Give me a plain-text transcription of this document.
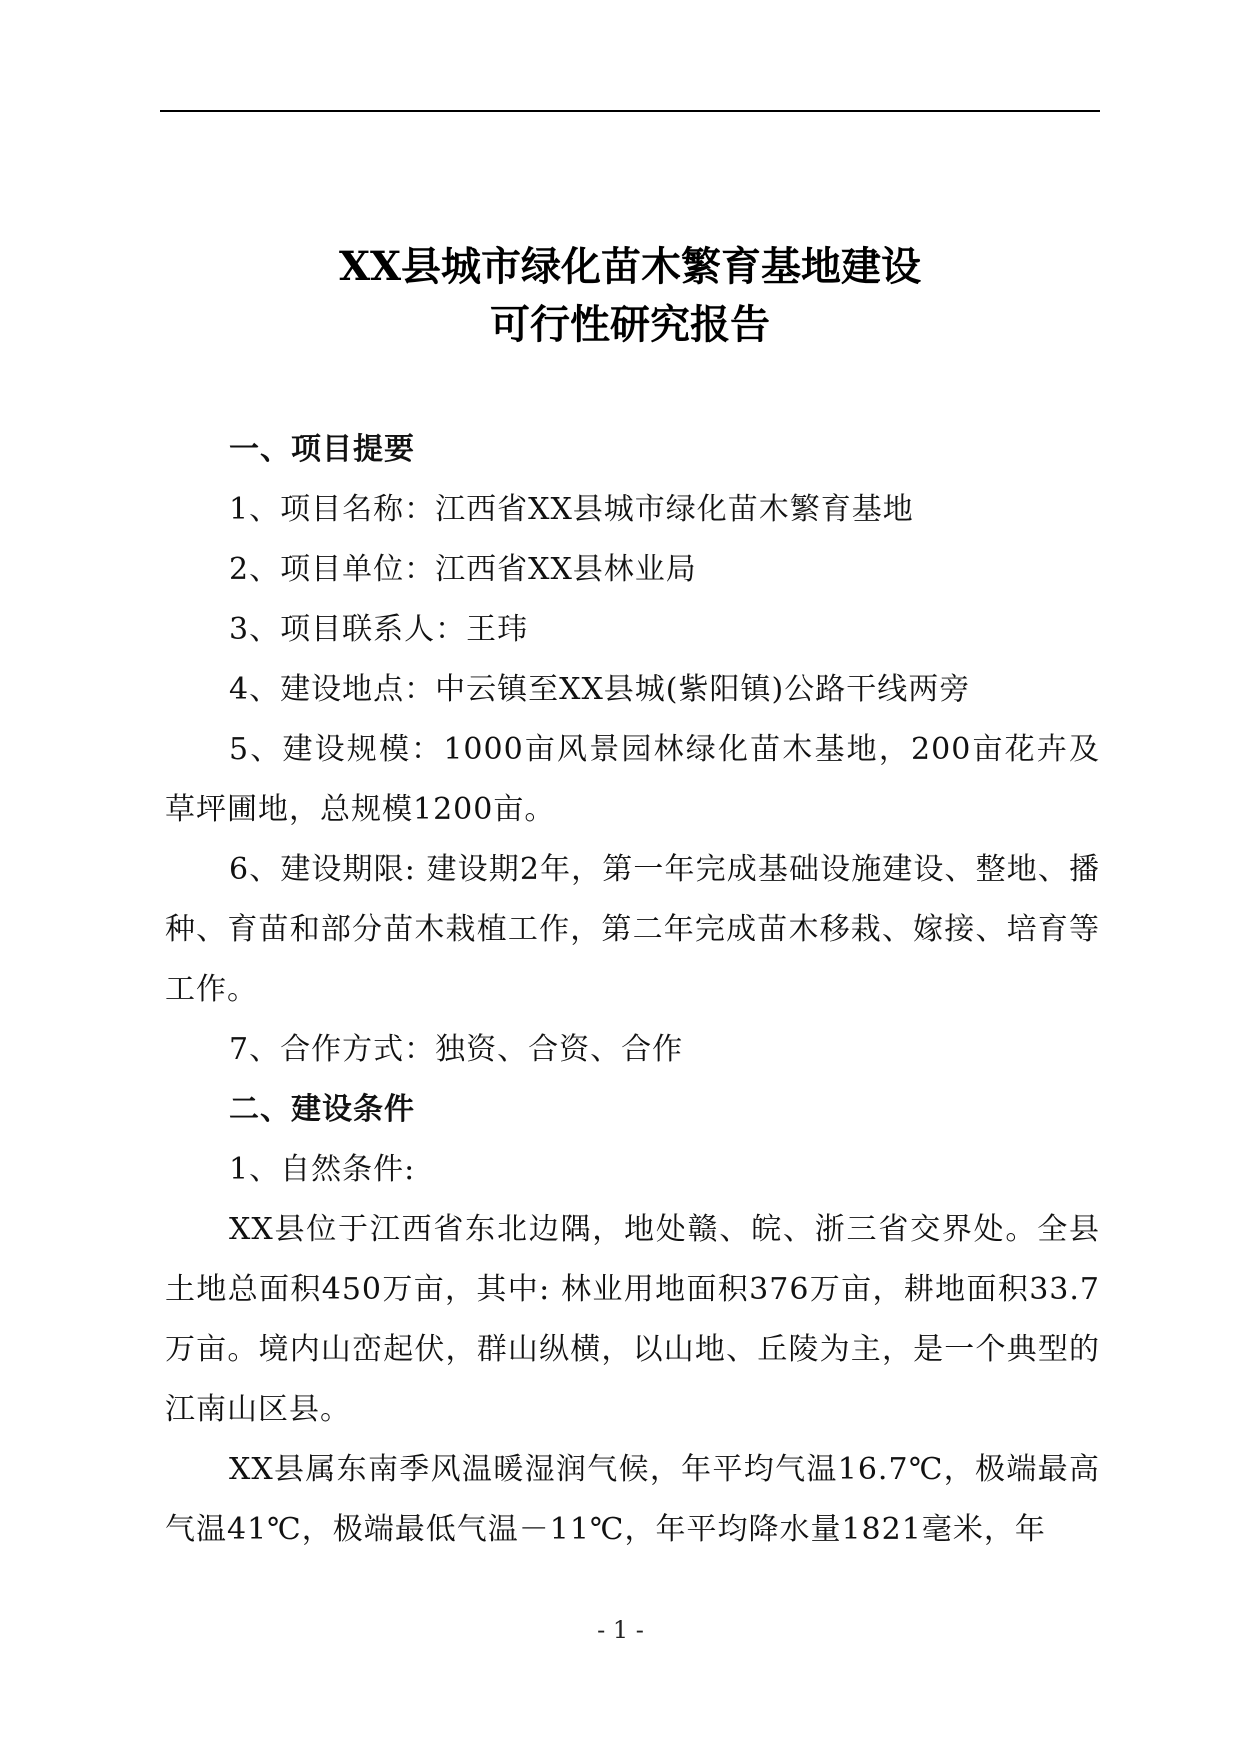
XX县城市绿化苗木繁育基地建设
可行性研究报告

一、项目提要

1、项目名称：江西省XX县城市绿化苗木繁育基地

2、项目单位：江西省XX县林业局

3、项目联系人：王玮

4、建设地点：中云镇至XX县城(紫阳镇)公路干线两旁

5、建设规模：1000亩风景园林绿化苗木基地，200亩花卉及草坪圃地，总规模1200亩。

6、建设期限: 建设期2年，第一年完成基础设施建设、整地、播种、育苗和部分苗木栽植工作，第二年完成苗木移栽、嫁接、培育等工作。

7、合作方式：独资、合资、合作

二、建设条件

1、自然条件:

XX县位于江西省东北边隅，地处赣、皖、浙三省交界处。全县土地总面积450万亩，其中: 林业用地面积376万亩，耕地面积33.7万亩。境内山峦起伏，群山纵横，以山地、丘陵为主，是一个典型的江南山区县。

XX县属东南季风温暖湿润气候，年平均气温16.7℃，极端最高气温41℃，极端最低气温－11℃，年平均降水量1821毫米，年

- 1 -
